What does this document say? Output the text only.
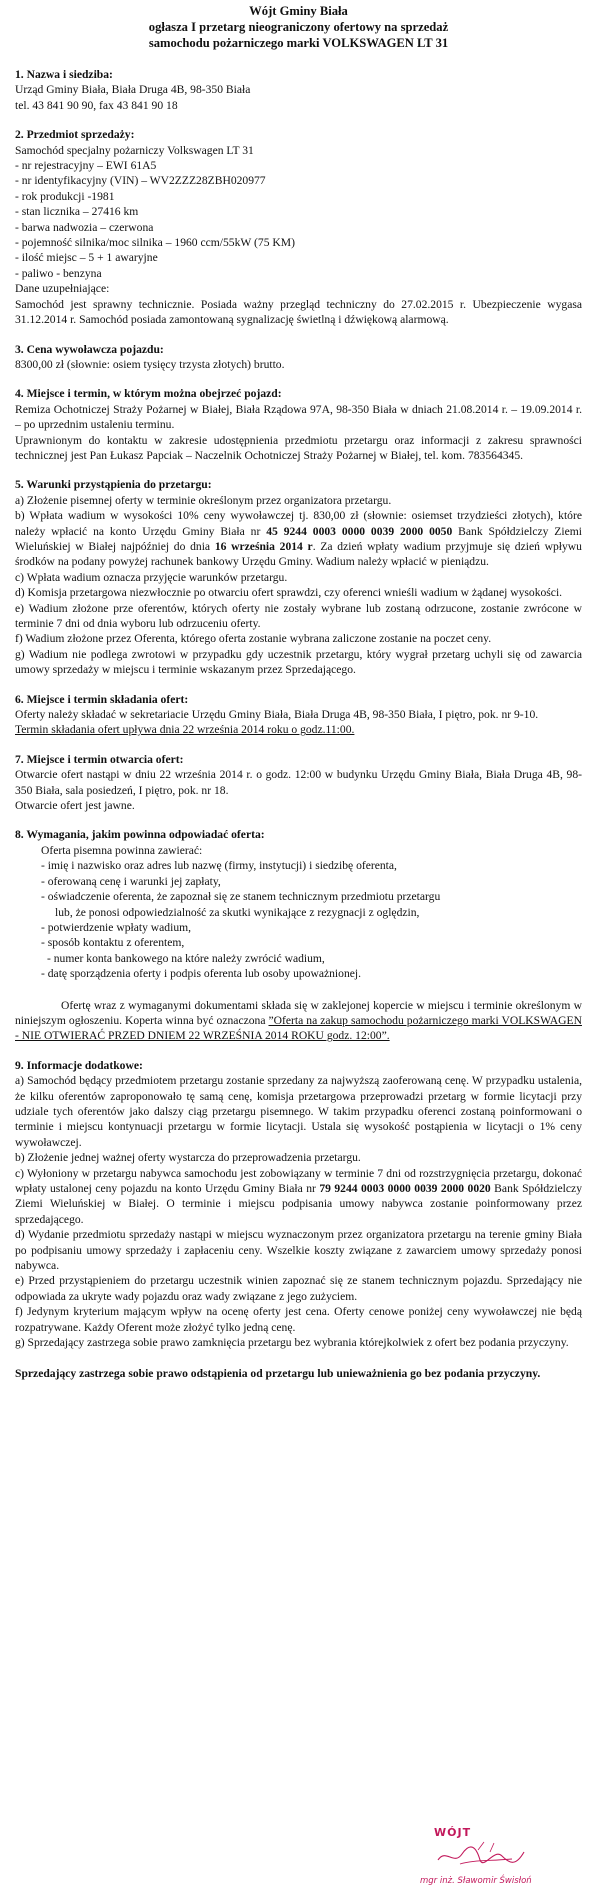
Wójt Gminy Biała
ogłasza I przetarg nieograniczony ofertowy na sprzedaż
samochodu pożarniczego marki VOLKSWAGEN LT 31
1. Nazwa i siedziba:

Urząd Gminy Biała, Biała Druga 4B, 98-350 Biała

tel. 43 841 90 90, fax 43 841 90 18

2. Przedmiot sprzedaży:

Samochód specjalny pożarniczy Volkswagen LT 31

- nr rejestracyjny – EWI 61A5

- nr identyfikacyjny (VIN) – WV2ZZZ28ZBH020977

- rok produkcji -1981

- stan licznika – 27416 km

- barwa nadwozia – czerwona

- pojemność silnika/moc silnika – 1960 ccm/55kW (75 KM)

- ilość miejsc – 5 + 1 awaryjne

- paliwo - benzyna

Dane uzupełniające:

Samochód jest sprawny technicznie. Posiada ważny przegląd techniczny do 27.02.2015 r. Ubezpieczenie wygasa 31.12.2014 r. Samochód posiada zamontowaną sygnalizację świetlną i dźwiękową alarmową.

3. Cena wywoławcza pojazdu:

8300,00 zł (słownie: osiem tysięcy trzysta złotych) brutto.

4. Miejsce i termin, w którym można obejrzeć pojazd:

Remiza Ochotniczej Straży Pożarnej w Białej, Biała Rządowa 97A, 98-350 Biała w dniach 21.08.2014 r. – 19.09.2014 r. – po uprzednim ustaleniu terminu.

Uprawnionym do kontaktu w zakresie udostępnienia przedmiotu przetargu oraz informacji z zakresu sprawności technicznej jest Pan Łukasz Papciak – Naczelnik Ochotniczej Straży Pożarnej w Białej, tel. kom. 783564345.

5. Warunki przystąpienia do przetargu:

a) Złożenie pisemnej oferty w terminie określonym przez organizatora przetargu.

b) Wpłata wadium w wysokości 10% ceny wywoławczej tj. 830,00 zł (słownie: osiemset trzydzieści złotych), które należy wpłacić na konto Urzędu Gminy Biała nr 45 9244 0003 0000 0039 2000 0050 Bank Spółdzielczy Ziemi Wieluńskiej w Białej najpóźniej do dnia 16 września 2014 r. Za dzień wpłaty wadium przyjmuje się dzień wpływu środków na podany powyżej rachunek bankowy Urzędu Gminy. Wadium należy wpłacić w pieniądzu.

c) Wpłata wadium oznacza przyjęcie warunków przetargu.

d) Komisja przetargowa niezwłocznie po otwarciu ofert sprawdzi, czy oferenci wnieśli wadium w żądanej wysokości.

e) Wadium złożone prze oferentów, których oferty nie zostały wybrane lub zostaną odrzucone, zostanie zwrócone w terminie 7 dni od dnia wyboru lub odrzuceniu oferty.

f) Wadium złożone przez Oferenta, którego oferta zostanie wybrana zaliczone zostanie na poczet ceny.

g) Wadium nie podlega zwrotowi w przypadku gdy uczestnik przetargu, który wygrał przetarg uchyli się od zawarcia umowy sprzedaży w miejscu i terminie wskazanym przez Sprzedającego.

6. Miejsce i termin składania ofert:

Oferty należy składać w sekretariacie Urzędu Gminy Biała, Biała Druga 4B, 98-350 Biała, I piętro, pok. nr 9-10.

Termin składania ofert upływa dnia 22 września 2014 roku o godz.11:00.

7. Miejsce i termin otwarcia ofert:

Otwarcie ofert nastąpi w dniu 22 września 2014 r. o godz. 12:00 w budynku Urzędu Gminy Biała, Biała Druga 4B, 98-350 Biała, sala posiedzeń, I piętro, pok. nr 18.

Otwarcie ofert jest jawne.

8. Wymagania, jakim powinna odpowiadać oferta:

Oferta pisemna powinna zawierać:

- imię i nazwisko oraz adres lub nazwę (firmy, instytucji) i siedzibę oferenta,

- oferowaną cenę i warunki jej zapłaty,

- oświadczenie oferenta, że zapoznał się ze stanem technicznym przedmiotu przetargu

lub, że ponosi odpowiedzialność za skutki wynikające z rezygnacji z oględzin,

- potwierdzenie wpłaty wadium,

- sposób kontaktu z oferentem,

- numer konta bankowego na które należy zwrócić wadium,

- datę sporządzenia oferty i podpis oferenta lub osoby upoważnionej.

Ofertę wraz z wymaganymi dokumentami składa się w zaklejonej kopercie w miejscu i terminie określonym w niniejszym ogłoszeniu. Koperta winna być oznaczona ”Oferta na zakup samochodu pożarniczego marki VOLKSWAGEN - NIE OTWIERAĆ PRZED DNIEM 22 WRZEŚNIA 2014 ROKU godz. 12:00”.

9. Informacje dodatkowe:

a) Samochód będący przedmiotem przetargu zostanie sprzedany za najwyższą zaoferowaną cenę. W przypadku ustalenia, że kilku oferentów zaproponowało tę samą cenę, komisja przetargowa przeprowadzi przetarg w formie licytacji przy udziale tych oferentów jako dalszy ciąg przetargu pisemnego. W takim przypadku oferenci zostaną poinformowani o terminie i miejscu kontynuacji przetargu w formie licytacji. Ustala się wysokość postąpienia w licytacji o 1% ceny wywoławczej.

b) Złożenie jednej ważnej oferty wystarcza do przeprowadzenia przetargu.

c) Wyłoniony w przetargu nabywca samochodu jest zobowiązany w terminie 7 dni od rozstrzygnięcia przetargu, dokonać wpłaty ustalonej ceny pojazdu na konto Urzędu Gminy Biała nr 79 9244 0003 0000 0039 2000 0020 Bank Spółdzielczy Ziemi Wieluńskiej w Białej. O terminie i miejscu podpisania umowy nabywca zostanie poinformowany przez sprzedającego.

d) Wydanie przedmiotu sprzedaży nastąpi w miejscu wyznaczonym przez organizatora przetargu na terenie gminy Biała po podpisaniu umowy sprzedaży i zapłaceniu ceny. Wszelkie koszty związane z zawarciem umowy sprzedaży ponosi nabywca.

e) Przed przystąpieniem do przetargu uczestnik winien zapoznać się ze stanem technicznym pojazdu. Sprzedający nie odpowiada za ukryte wady pojazdu oraz wady związane z jego zużyciem.

f) Jedynym kryterium mającym wpływ na ocenę oferty jest cena. Oferty cenowe poniżej ceny wywoławczej nie będą rozpatrywane. Każdy Oferent może złożyć tylko jedną cenę.

g) Sprzedający zastrzega sobie prawo zamknięcia przetargu bez wybrania którejkolwiek z ofert bez podania przyczyny.

Sprzedający zastrzega sobie prawo odstąpienia od przetargu lub unieważnienia go bez podania przyczyny.

WÓJT
mgr inż. Sławomir Świsłoń
